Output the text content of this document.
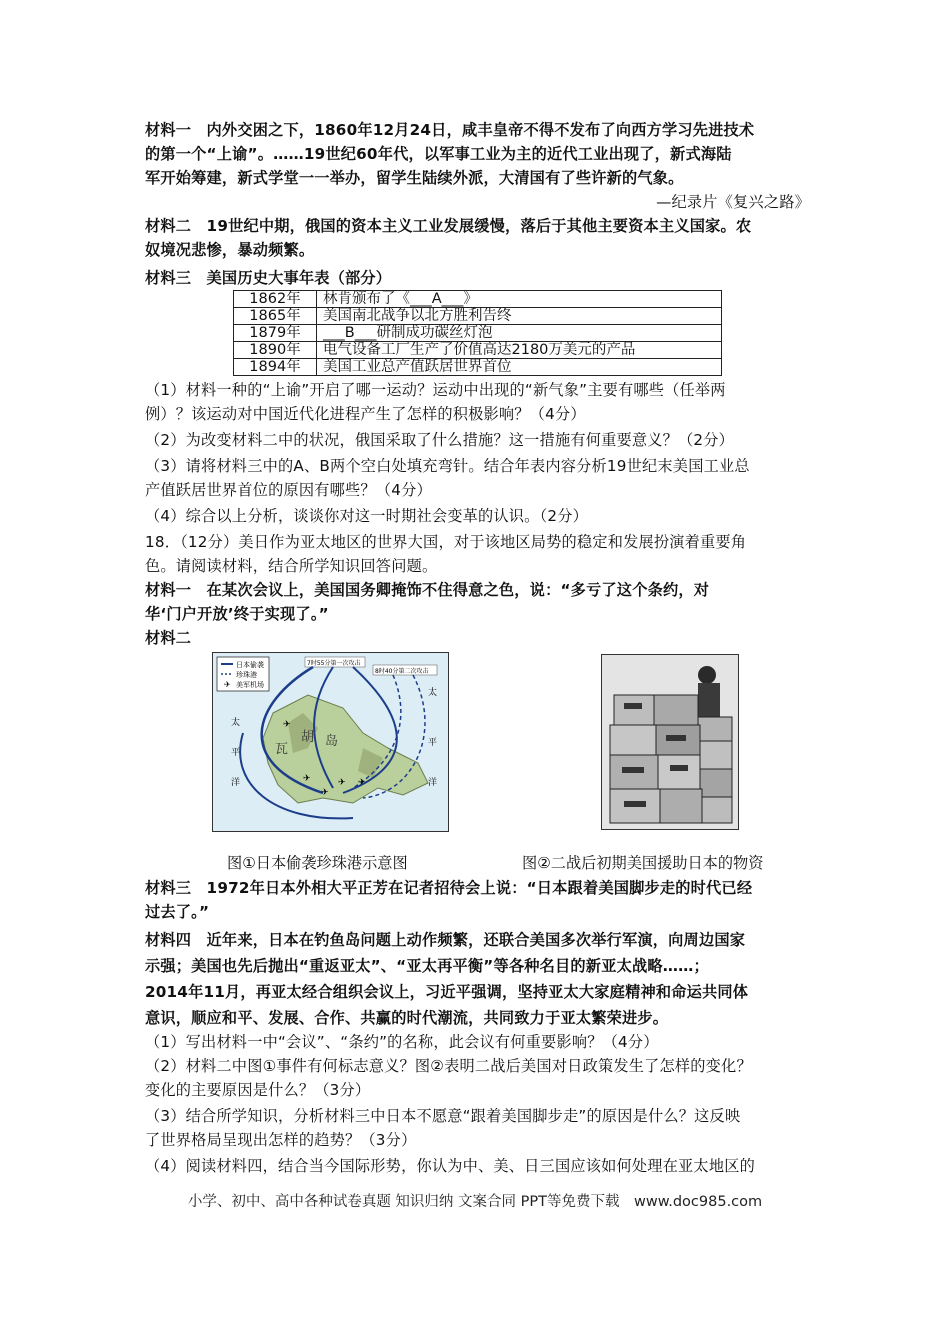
材料一　内外交困之下，1860年12月24日，咸丰皇帝不得不发布了向西方学习先进技术
的第一个“上谕”。……19世纪60年代，以军事工业为主的近代工业出现了，新式海陆
军开始筹建，新式学堂一一举办，留学生陆续外派，大清国有了些许新的气象。
—纪录片《复兴之路》
材料二　19世纪中期，俄国的资本主义工业发展缓慢，落后于其他主要资本主义国家。农
奴境况悲惨，暴动频繁。
材料三　美国历史大事年表（部分）
1862年	林肯颁布了《___A___》
1865年	美国南北战争以北方胜利告终
1879年	___B___研制成功碳丝灯泡
1890年	电气设备工厂生产了价值高达2180万美元的产品
1894年	美国工业总产值跃居世界首位
（1）材料一种的“上谕”开启了哪一运动？运动中出现的“新气象”主要有哪些（任举两
例）？该运动对中国近代化进程产生了怎样的积极影响？（4分）
（2）为改变材料二中的状况，俄国采取了什么措施？这一措施有何重要意义？（2分）
（3）请将材料三中的A、B两个空白处填充弯针。结合年表内容分析19世纪末美国工业总
产值跃居世界首位的原因有哪些？（4分）
（4）综合以上分析，谈谈你对这一时期社会变革的认识。（2分）
18．（12分）美日作为亚太地区的世界大国，对于该地区局势的稳定和发展扮演着重要角
色。请阅读材料，结合所学知识回答问题。
材料一　在某次会议上，美国国务卿掩饰不住得意之色，说：“多亏了这个条约，对
华‘门户开放’终于实现了。”
材料二
✈
日本偷袭
珍珠港
美军机场
7时55分第一次攻击
8时40分第二次攻击
✈
✈	✈ ✈
✈
太
平
洋
瓦
胡 岛
太
平
洋
图①日本偷袭珍珠港示意图	图②二战后初期美国援助日本的物资
材料三　1972年日本外相大平正芳在记者招待会上说：“日本跟着美国脚步走的时代已经
过去了。”
材料四　近年来，日本在钓鱼岛问题上动作频繁，还联合美国多次举行军演，向周边国家
示强；美国也先后抛出“重返亚太”、“亚太再平衡”等各种名目的新亚太战略……；
2014年11月，再亚太经合组织会议上，习近平强调，坚持亚太大家庭精神和命运共同体
意识，顺应和平、发展、合作、共赢的时代潮流，共同致力于亚太繁荣进步。
（1）写出材料一中“会议”、“条约”的名称，此会议有何重要影响？（4分）
（2）材料二中图①事件有何标志意义？图②表明二战后美国对日政策发生了怎样的变化？
变化的主要原因是什么？（3分）
（3）结合所学知识，分析材料三中日本不愿意“跟着美国脚步走”的原因是什么？这反映
了世界格局呈现出怎样的趋势？（3分）
（4）阅读材料四，结合当今国际形势，你认为中、美、日三国应该如何处理在亚太地区的
小学、初中、高中各种试卷真题 知识归纳 文案合同 PPT等免费下载　www.doc985.com
